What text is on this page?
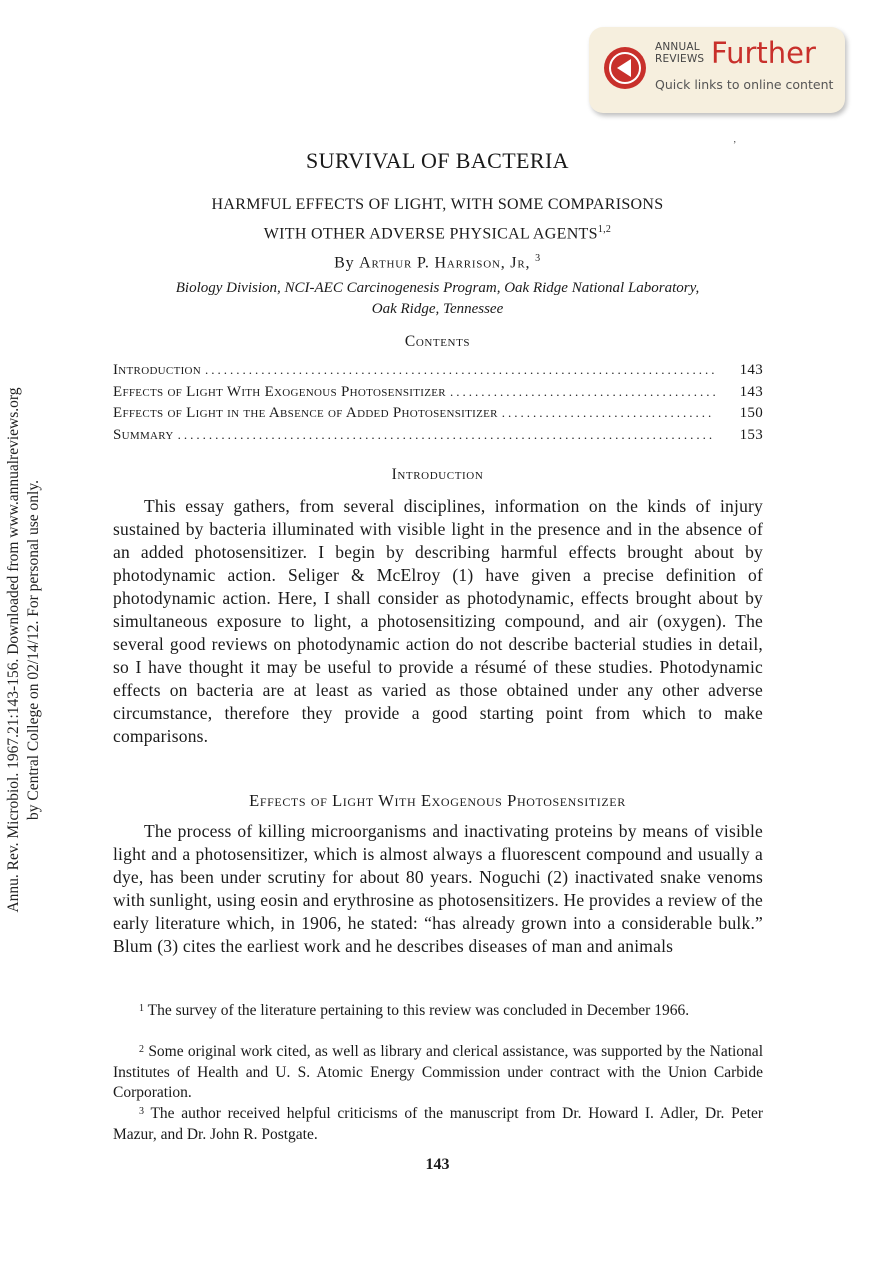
Annu. Rev. Microbiol. 1967.21:143-156. Downloaded from www.annualreviews.org by Central College on 02/14/12. For personal use only.
ANNUAL
REVIEWS Further
Quick links to online content
’
SURVIVAL OF BACTERIA
HARMFUL EFFECTS OF LIGHT, WITH SOME COMPARISONS
WITH OTHER ADVERSE PHYSICAL AGENTS$^{1,2}$
By Arthur P. Harrison, Jr, $^3$
Biology Division, NCI-AEC Carcinogenesis Program, Oak Ridge National Laboratory,
Oak Ridge, Tennessee
Contents
Introduction .....	143
Effects of Light With Exogenous Photosensitizer .....	143
Effects of Light in the Absence of Added Photosensitizer .....	150
Summary .....	153
Introduction
This essay gathers, from several disciplines, information on the kinds of injury sustained by bacteria illuminated with visible light in the presence and in the absence of an added photosensitizer. I begin by describing harmful effects brought about by photodynamic action. Seliger & McElroy (1) have given a precise definition of photodynamic action. Here, I shall consider as photodynamic, effects brought about by simultaneous exposure to light, a photosensitizing compound, and air (oxygen). The several good reviews on photodynamic action do not describe bacterial studies in detail, so I have thought it may be useful to provide a résumé of these studies. Photodynamic effects on bacteria are at least as varied as those obtained under any other adverse circumstance, therefore they provide a good starting point from which to make comparisons.
Effects of Light With Exogenous Photosensitizer
The process of killing microorganisms and inactivating proteins by means of visible light and a photosensitizer, which is almost always a fluorescent compound and usually a dye, has been under scrutiny for about 80 years. Noguchi (2) inactivated snake venoms with sunlight, using eosin and erythrosine as photosensitizers. He provides a review of the early literature which, in 1906, he stated: “has already grown into a considerable bulk.” Blum (3) cites the earliest work and he describes diseases of man and animals
$^1$ The survey of the literature pertaining to this review was concluded in December 1966.
$^2$ Some original work cited, as well as library and clerical assistance, was supported by the National Institutes of Health and U. S. Atomic Energy Commission under contract with the Union Carbide Corporation.
$^3$ The author received helpful criticisms of the manuscript from Dr. Howard I. Adler, Dr. Peter Mazur, and Dr. John R. Postgate.
143
